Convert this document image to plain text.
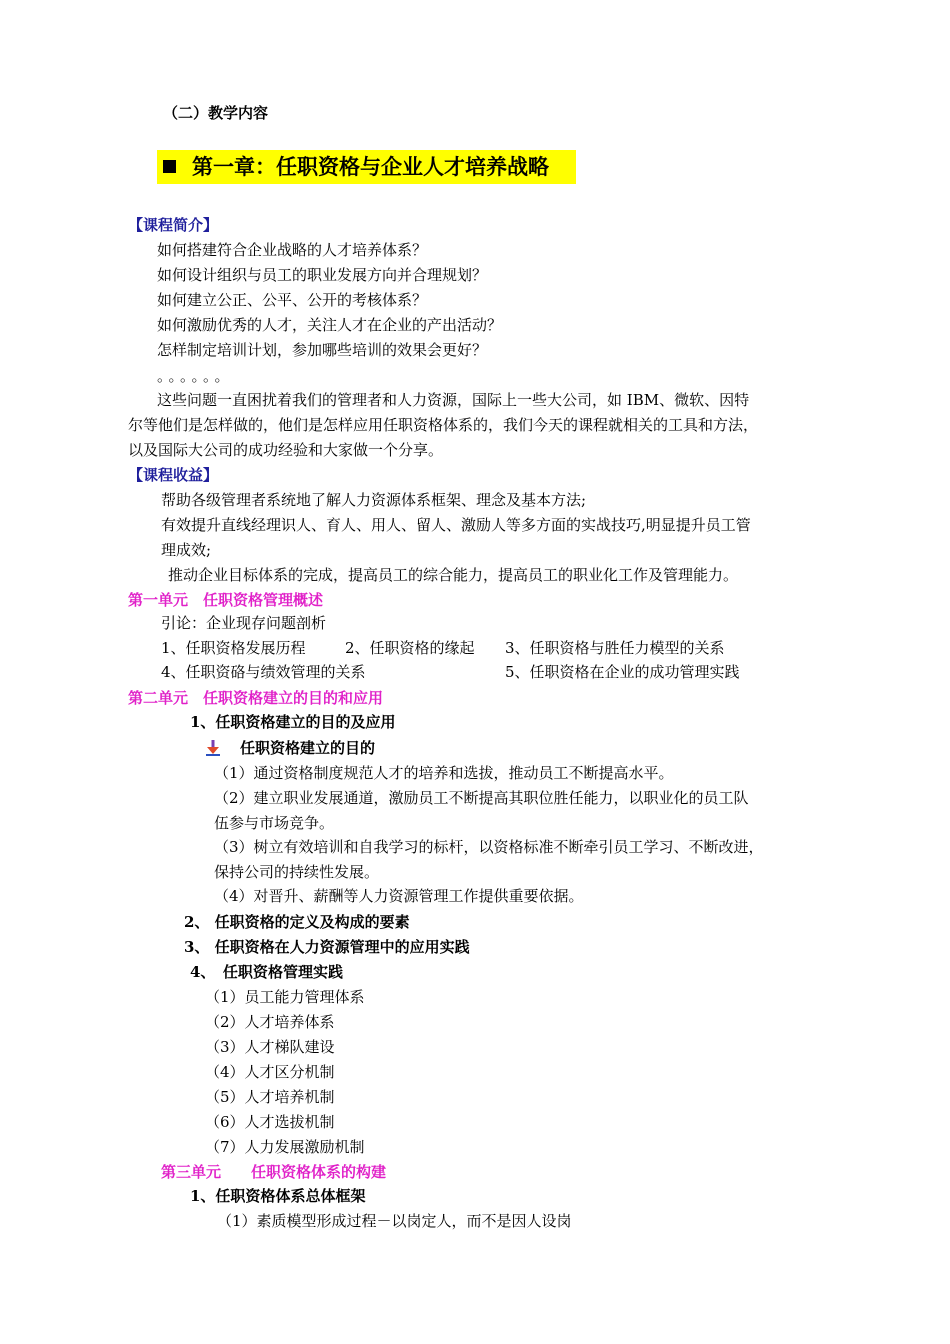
（二）教学内容
第一章：任职资格与企业人才培养战略
【课程简介】
如何搭建符合企业战略的人才培养体系？
如何设计组织与员工的职业发展方向并合理规划？
如何建立公正、公平、公开的考核体系？
如何激励优秀的人才，关注人才在企业的产出活动？
怎样制定培训计划，参加哪些培训的效果会更好？
。。。。。。
这些问题一直困扰着我们的管理者和人力资源，国际上一些大公司，如 IBM、微软、因特
尔等他们是怎样做的，他们是怎样应用任职资格体系的，我们今天的课程就相关的工具和方法，
以及国际大公司的成功经验和大家做一个分享。
【课程收益】
帮助各级管理者系统地了解人力资源体系框架、理念及基本方法;
有效提升直线经理识人、育人、用人、留人、激励人等多方面的实战技巧,明显提升员工管
理成效;
推动企业目标体系的完成，提高员工的综合能力，提高员工的职业化工作及管理能力。
第一单元　任职资格管理概述
引论：企业现存问题剖析
1、任职资格发展历程	2、任职资格的缘起 3、任职资格与胜任力模型的关系
4、任职资硌与绩效管理的关系	5、任职资格在企业的成功管理实践
第二单元　任职资格建立的目的和应用
1、任职资格建立的目的及应用
任职资格建立的目的
（1）通过资格制度规范人才的培养和选拔，推动员工不断提高水平。
（2）建立职业发展通道，激励员工不断提高其职位胜任能力，以职业化的员工队
伍参与市场竞争。
（3）树立有效培训和自我学习的标杆，以资格标准不断牵引员工学习、不断改进，
保持公司的持续性发展。
（4）对晋升、薪酬等人力资源管理工作提供重要依据。
2、 任职资格的定义及构成的要素
3、 任职资格在人力资源管理中的应用实践
4、　任职资格管理实践
（1）员工能力管理体系
（2）人才培养体系
（3）人才梯队建设
（4）人才区分机制
（5）人才培养机制
（6）人才选拔机制
（7）人力发展激励机制
第三单元　　任职资格体系的构建
1、任职资格体系总体框架
（1）素质模型形成过程－以岗定人，而不是因人设岗
